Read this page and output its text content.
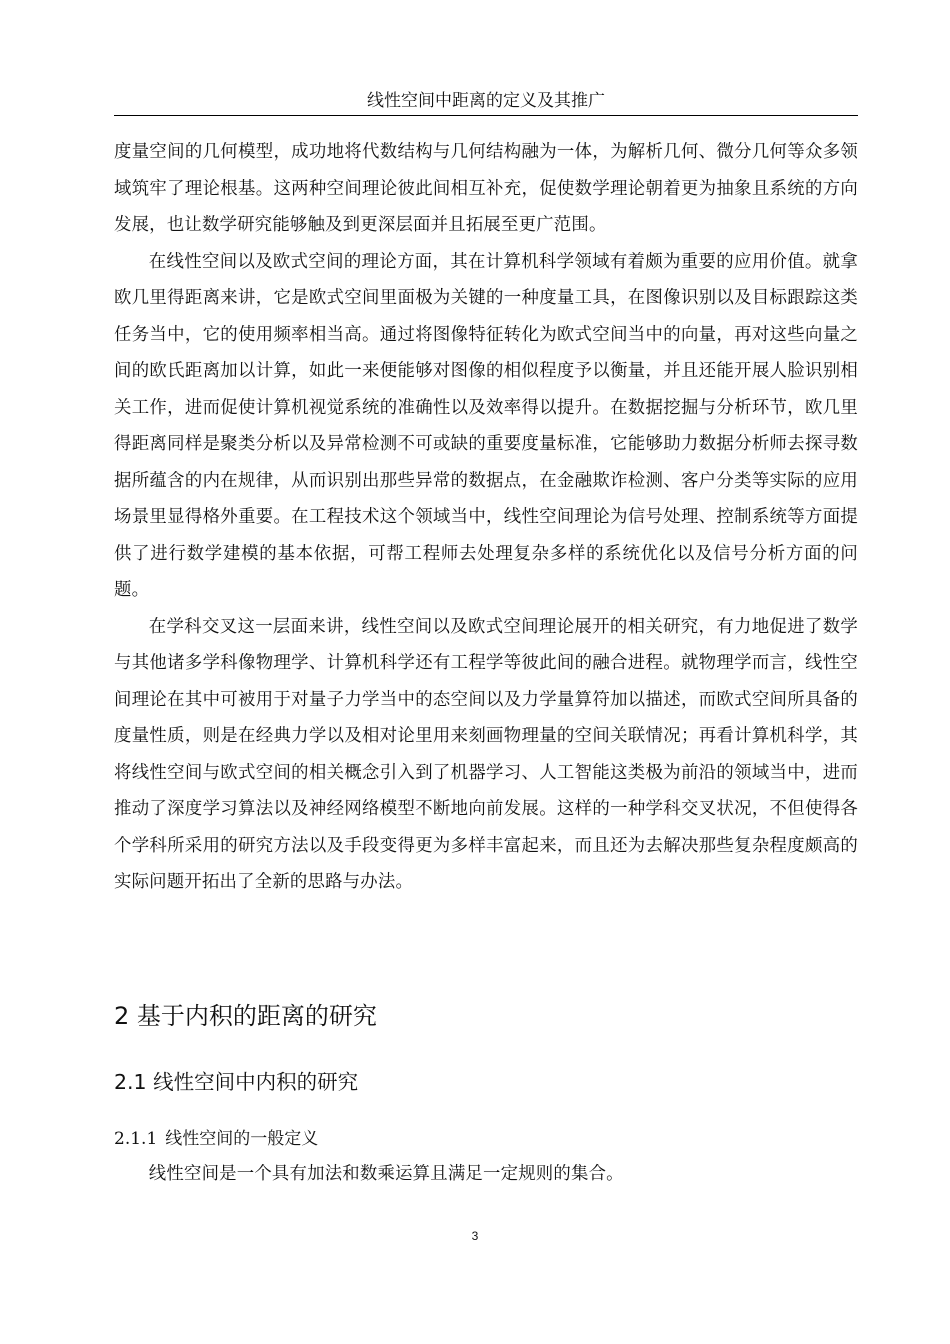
线性空间中距离的定义及其推广

度量空间的几何模型，成功地将代数结构与几何结构融为一体，为解析几何、微分几何等众多领域筑牢了理论根基。这两种空间理论彼此间相互补充，促使数学理论朝着更为抽象且系统的方向发展，也让数学研究能够触及到更深层面并且拓展至更广范围。

在线性空间以及欧式空间的理论方面，其在计算机科学领域有着颇为重要的应用价值。就拿欧几里得距离来讲，它是欧式空间里面极为关键的一种度量工具，在图像识别以及目标跟踪这类任务当中，它的使用频率相当高。通过将图像特征转化为欧式空间当中的向量，再对这些向量之间的欧氏距离加以计算，如此一来便能够对图像的相似程度予以衡量，并且还能开展人脸识别相关工作，进而促使计算机视觉系统的准确性以及效率得以提升。在数据挖掘与分析环节，欧几里得距离同样是聚类分析以及异常检测不可或缺的重要度量标准，它能够助力数据分析师去探寻数据所蕴含的内在规律，从而识别出那些异常的数据点，在金融欺诈检测、客户分类等实际的应用场景里显得格外重要。在工程技术这个领域当中，线性空间理论为信号处理、控制系统等方面提供了进行数学建模的基本依据，可帮工程师去处理复杂多样的系统优化以及信号分析方面的问题。

在学科交叉这一层面来讲，线性空间以及欧式空间理论展开的相关研究，有力地促进了数学与其他诸多学科像物理学、计算机科学还有工程学等彼此间的融合进程。就物理学而言，线性空间理论在其中可被用于对量子力学当中的态空间以及力学量算符加以描述，而欧式空间所具备的度量性质，则是在经典力学以及相对论里用来刻画物理量的空间关联情况；再看计算机科学，其将线性空间与欧式空间的相关概念引入到了机器学习、人工智能这类极为前沿的领域当中，进而推动了深度学习算法以及神经网络模型不断地向前发展。这样的一种学科交叉状况，不但使得各个学科所采用的研究方法以及手段变得更为多样丰富起来，而且还为去解决那些复杂程度颇高的实际问题开拓出了全新的思路与办法。

2 基于内积的距离的研究
2.1 线性空间中内积的研究
2.1.1 线性空间的一般定义

线性空间是一个具有加法和数乘运算且满足一定规则的集合。

3
